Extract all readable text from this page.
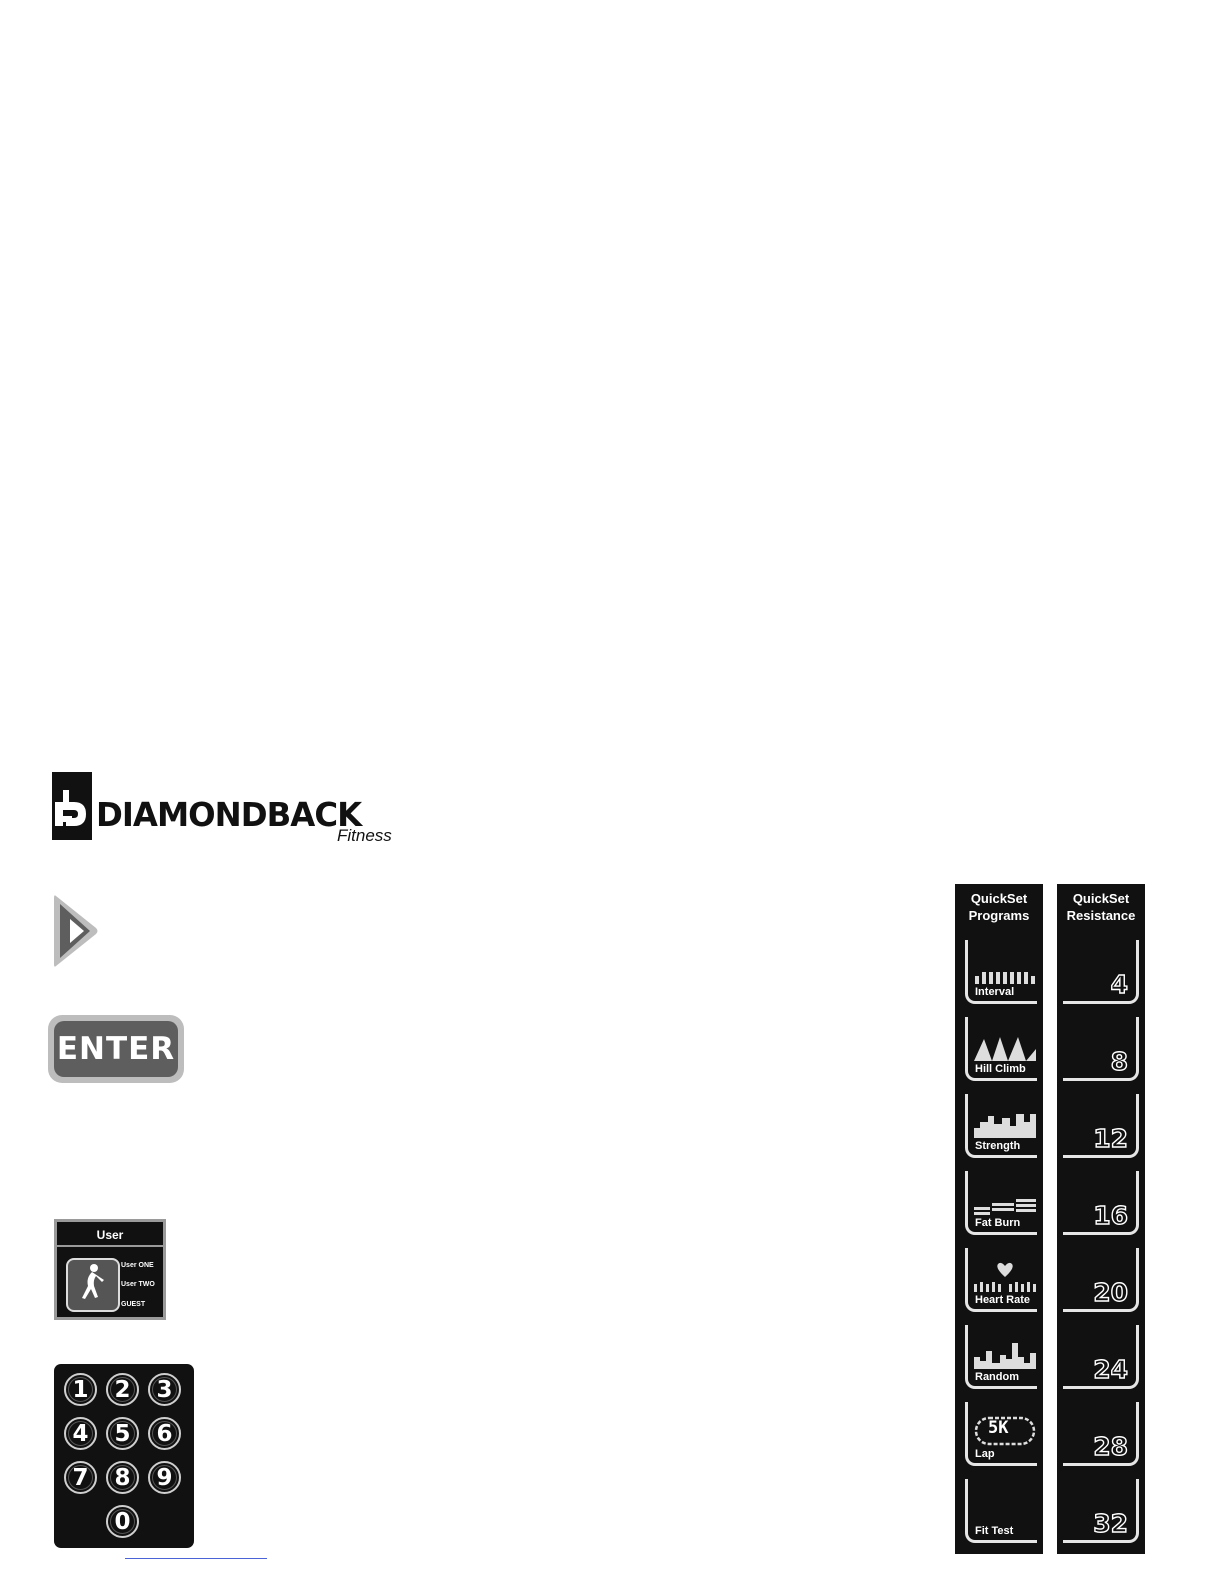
DIAMONDBACK
Fitness
ENTER
User
User ONE
User TWO
GUEST
1	2	3
4	5	6
7	8	9
0
QuickSet
Programs
Interval
Hill Climb
Strength
Fat Burn
Heart Rate
Random
5K
Lap
Fit Test
QuickSet
Resistance
4
8
12
16
20
24
28
32
